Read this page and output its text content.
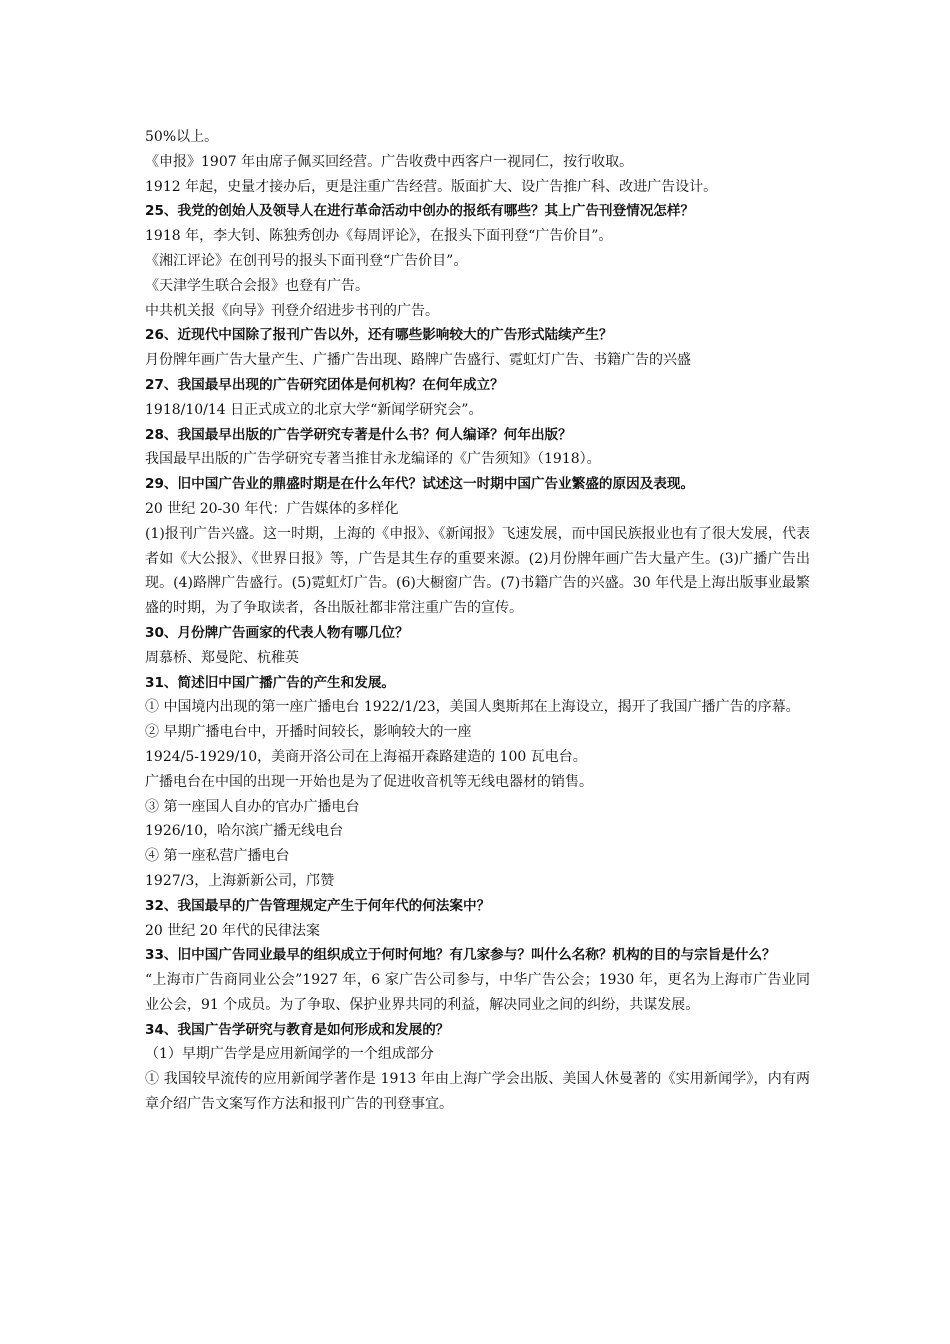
50%以上。
《申报》1907 年由席子佩买回经营。广告收费中西客户一视同仁，按行收取。
1912 年起，史量才接办后，更是注重广告经营。版面扩大、设广告推广科、改进广告设计。
25、我党的创始人及领导人在进行革命活动中创办的报纸有哪些？其上广告刊登情况怎样？
1918 年，李大钊、陈独秀创办《每周评论》，在报头下面刊登“广告价目”。
《湘江评论》在创刊号的报头下面刊登“广告价目”。
《天津学生联合会报》也登有广告。
中共机关报《向导》刊登介绍进步书刊的广告。
26、近现代中国除了报刊广告以外，还有哪些影响较大的广告形式陆续产生？
月份牌年画广告大量产生、广播广告出现、路牌广告盛行、霓虹灯广告、书籍广告的兴盛
27、我国最早出现的广告研究团体是何机构？在何年成立？
1918/10/14 日正式成立的北京大学“新闻学研究会”。
28、我国最早出版的广告学研究专著是什么书？何人编译？何年出版？
我国最早出版的广告学研究专著当推甘永龙编译的《广告须知》（1918）。
29、旧中国广告业的鼎盛时期是在什么年代？试述这一时期中国广告业繁盛的原因及表现。
20 世纪 20-30 年代：广告媒体的多样化
(1)报刊广告兴盛。这一时期，上海的《申报》、《新闻报》飞速发展，而中国民族报业也有了很大发展，代表者如《大公报》、《世界日报》等，广告是其生存的重要来源。(2)月份牌年画广告大量产生。(3)广播广告出现。(4)路牌广告盛行。(5)霓虹灯广告。(6)大橱窗广告。(7)书籍广告的兴盛。30 年代是上海出版事业最繁盛的时期，为了争取读者，各出版社都非常注重广告的宣传。
30、月份牌广告画家的代表人物有哪几位？
周慕桥、郑曼陀、杭稚英
31、简述旧中国广播广告的产生和发展。
① 中国境内出现的第一座广播电台 1922/1/23，美国人奥斯邦在上海设立，揭开了我国广播广告的序幕。
② 早期广播电台中，开播时间较长，影响较大的一座
1924/5-1929/10，美商开洛公司在上海福开森路建造的 100 瓦电台。
广播电台在中国的出现一开始也是为了促进收音机等无线电器材的销售。
③ 第一座国人自办的官办广播电台
1926/10，哈尔滨广播无线电台
④ 第一座私营广播电台
1927/3，上海新新公司，邝赞
32、我国最早的广告管理规定产生于何年代的何法案中？
20 世纪 20 年代的民律法案
33、旧中国广告同业最早的组织成立于何时何地？有几家参与？叫什么名称？机构的目的与宗旨是什么？
“上海市广告商同业公会”1927 年，6 家广告公司参与，中华广告公会；1930 年，更名为上海市广告业同业公会，91 个成员。为了争取、保护业界共同的利益，解决同业之间的纠纷，共谋发展。
34、我国广告学研究与教育是如何形成和发展的？
（1）早期广告学是应用新闻学的一个组成部分
① 我国较早流传的应用新闻学著作是 1913 年由上海广学会出版、美国人休曼著的《实用新闻学》，内有两章介绍广告文案写作方法和报刊广告的刊登事宜。
